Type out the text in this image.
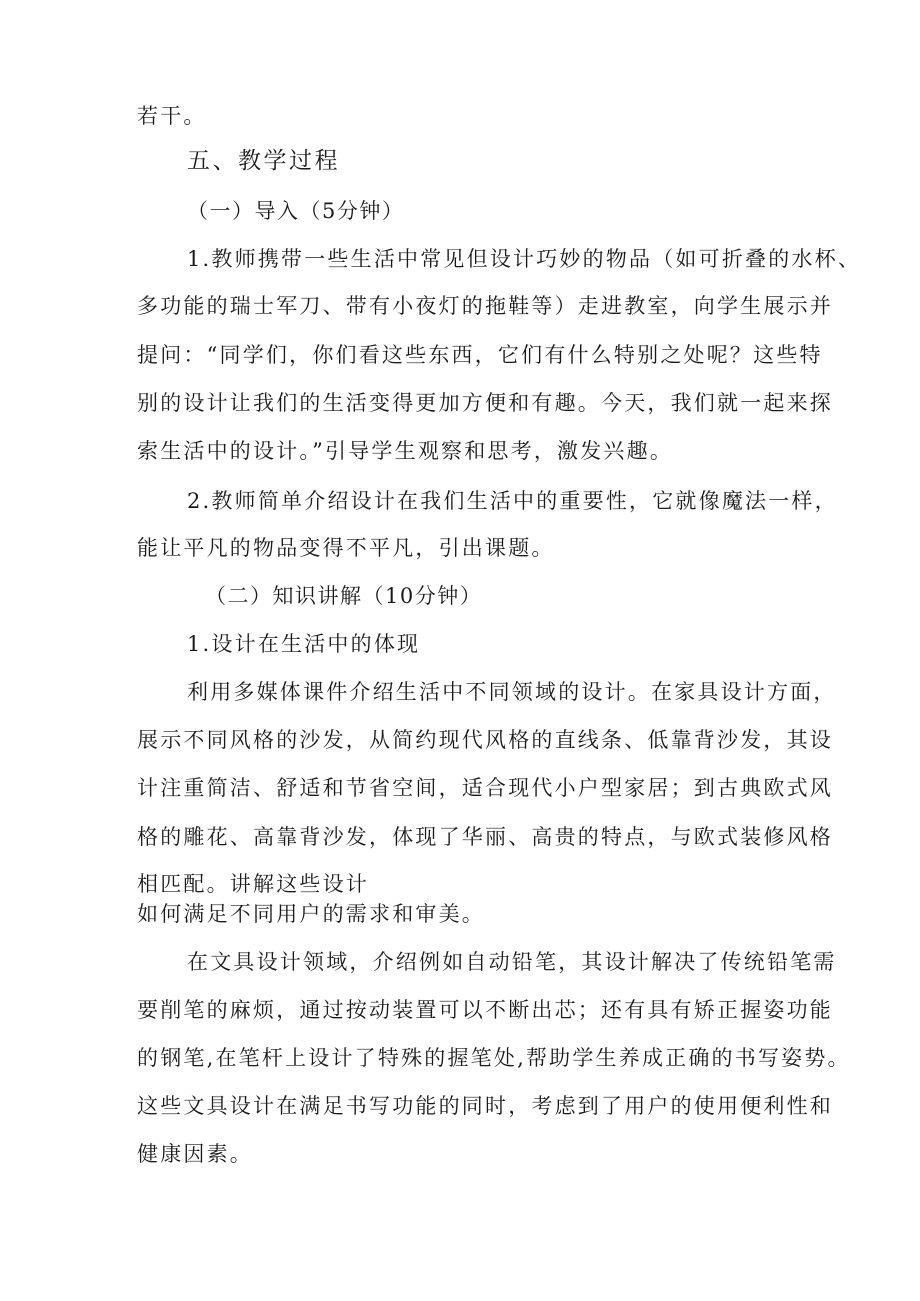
若干。
五、教学过程
（一）导入（5分钟）
1.教师携带一些生活中常见但设计巧妙的物品（如可折叠的水杯、
多功能的瑞士军刀、带有小夜灯的拖鞋等）走进教室，向学生展示并
提问：“同学们，你们看这些东西，它们有什么特别之处呢？这些特
别的设计让我们的生活变得更加方便和有趣。今天，我们就一起来探
索生活中的设计。”引导学生观察和思考，激发兴趣。
2.教师简单介绍设计在我们生活中的重要性，它就像魔法一样，
能让平凡的物品变得不平凡，引出课题。
（二）知识讲解（10分钟）
1.设计在生活中的体现
利用多媒体课件介绍生活中不同领域的设计。在家具设计方面，
展示不同风格的沙发，从简约现代风格的直线条、低靠背沙发，其设
计注重简洁、舒适和节省空间，适合现代小户型家居；到古典欧式风
格的雕花、高靠背沙发，体现了华丽、高贵的特点，与欧式装修风格
相匹配。讲解这些设计
如何满足不同用户的需求和审美。
在文具设计领域，介绍例如自动铅笔，其设计解决了传统铅笔需
要削笔的麻烦，通过按动装置可以不断出芯；还有具有矫正握姿功能
的钢笔,在笔杆上设计了特殊的握笔处,帮助学生养成正确的书写姿势。
这些文具设计在满足书写功能的同时，考虑到了用户的使用便利性和
健康因素。
